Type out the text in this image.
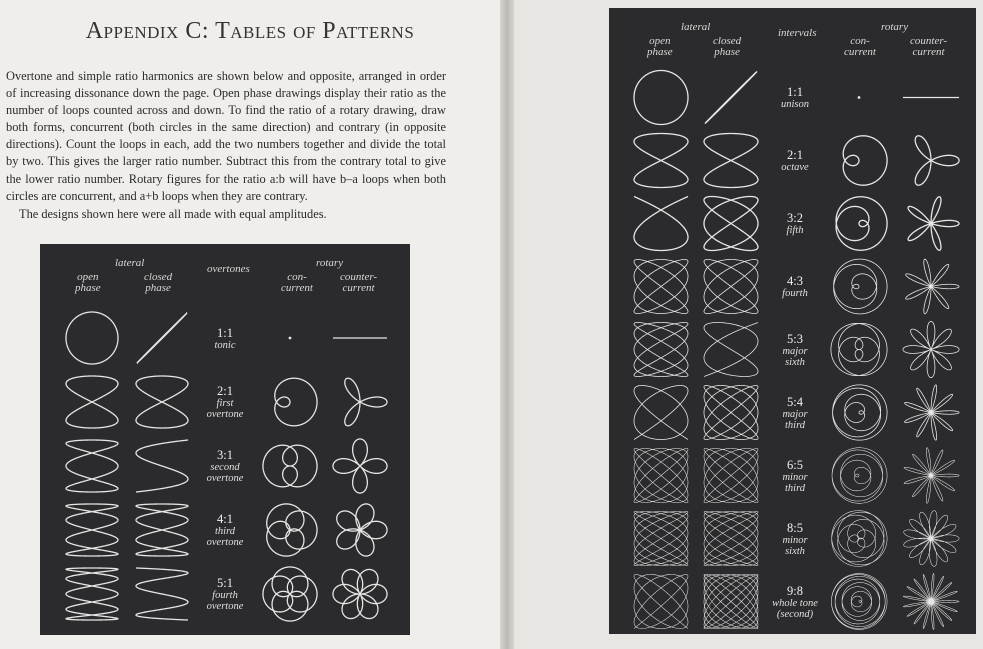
Appendix C: Tables of Patterns

Overtone and simple ratio harmonics are shown below and opposite, arranged in order of increasing dissonance down the page. Open phase drawings display their ratio as the number of loops counted across and down. To find the ratio of a rotary drawing, draw both forms, concurrent (both circles in the same direction) and contrary (in opposite directions). Count the loops in each, add the two numbers together and divide the total by two. This gives the larger ratio number. Subtract this from the contrary total to give the lower ratio number. Rotary figures for the ratio a:b will have b–a loops when both circles are concurrent, and a+b loops when they are contrary.

The designs shown here were all made with equal amplitudes.

lateral
open
phase
closed
phase
overtones	rotary
con-
current
counter-
current
1:1
tonic
2:1
first
overtone
3:1
second
overtone
4:1
third
overtone
5:1
fourth
overtone
lateral
open
phase
closed
phase
intervals	rotary
con-
current
counter-
current
1:1
unison
2:1
octave
3:2
fifth
4:3
fourth
5:3
major
sixth
5:4
major
third
6:5
minor
third
8:5
minor
sixth
9:8
whole tone
(second)
